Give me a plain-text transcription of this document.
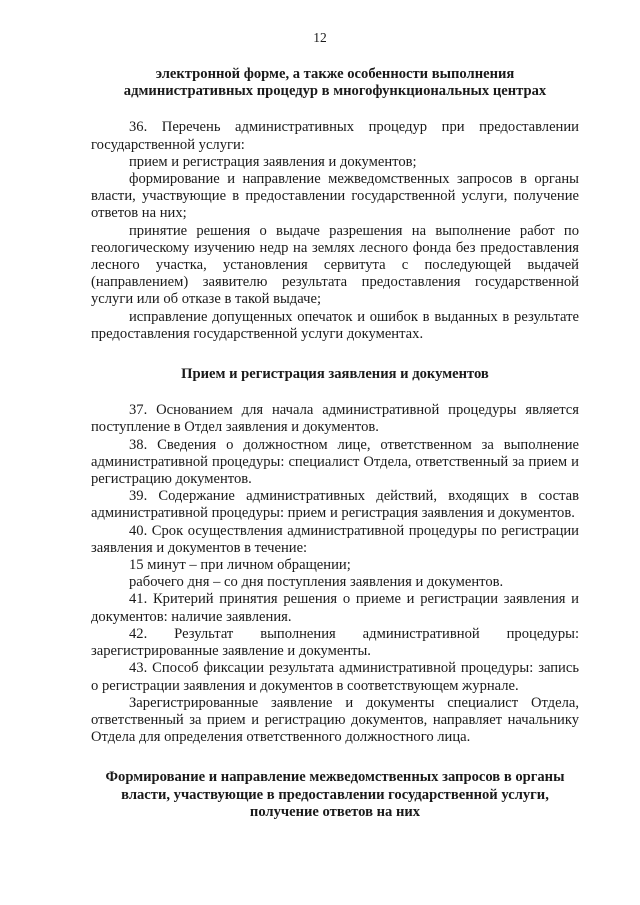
12
электронной форме, а также особенности выполнения
административных процедур в многофункциональных центрах

36. Перечень административных процедур при предоставлении государственной услуги:

прием и регистрация заявления и документов;

формирование и направление межведомственных запросов в органы власти, участвующие в предоставлении государственной услуги, получение ответов на них;

принятие решения о выдаче разрешения на выполнение работ по геологическому изучению недр на землях лесного фонда без предоставления лесного участка, установления сервитута с последующей выдачей (направлением) заявителю результата предоставления государственной услуги или об отказе в такой выдаче;

исправление допущенных опечаток и ошибок в выданных в результате предоставления государственной услуги документах.

Прием и регистрация заявления и документов

37. Основанием для начала административной процедуры является поступление в Отдел заявления и документов.

38. Сведения о должностном лице, ответственном за выполнение административной процедуры: специалист Отдела, ответственный за прием и регистрацию документов.

39. Содержание административных действий, входящих в состав административной процедуры: прием и регистрация заявления и документов.

40. Срок осуществления административной процедуры по регистрации заявления и документов в течение:

15 минут – при личном обращении;

рабочего дня – со дня поступления заявления и документов.

41. Критерий принятия решения о приеме и регистрации заявления и документов: наличие заявления.

42. Результат выполнения административной процедуры: зарегистрированные заявление и документы.

43. Способ фиксации результата административной процедуры: запись о регистрации заявления и документов в соответствующем журнале.

Зарегистрированные заявление и документы специалист Отдела, ответственный за прием и регистрацию документов, направляет начальнику Отдела для определения ответственного должностного лица.

Формирование и направление межведомственных запросов в органы
власти, участвующие в предоставлении государственной услуги,
получение ответов на них
